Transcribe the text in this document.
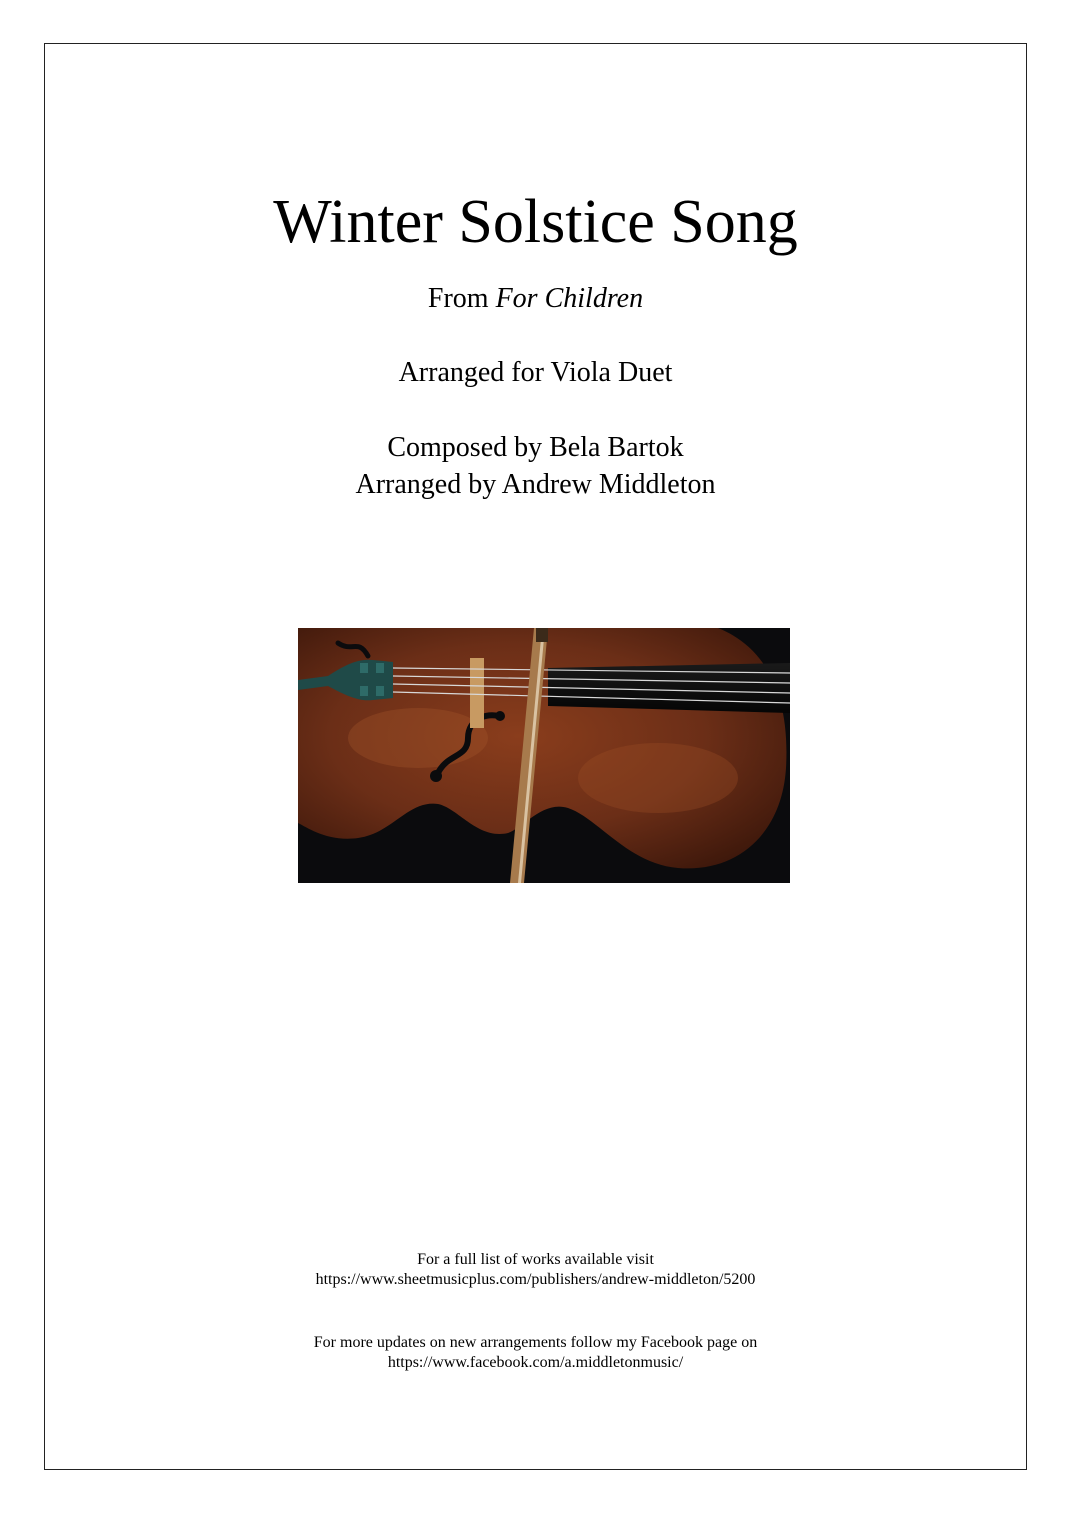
Winter Solstice Song
From For Children
Arranged for Viola Duet
Composed by Bela Bartok
Arranged by Andrew Middleton
For a full list of works available visit
https://www.sheetmusicplus.com/publishers/andrew-middleton/5200
For more updates on new arrangements follow my Facebook page on
https://www.facebook.com/a.middletonmusic/
